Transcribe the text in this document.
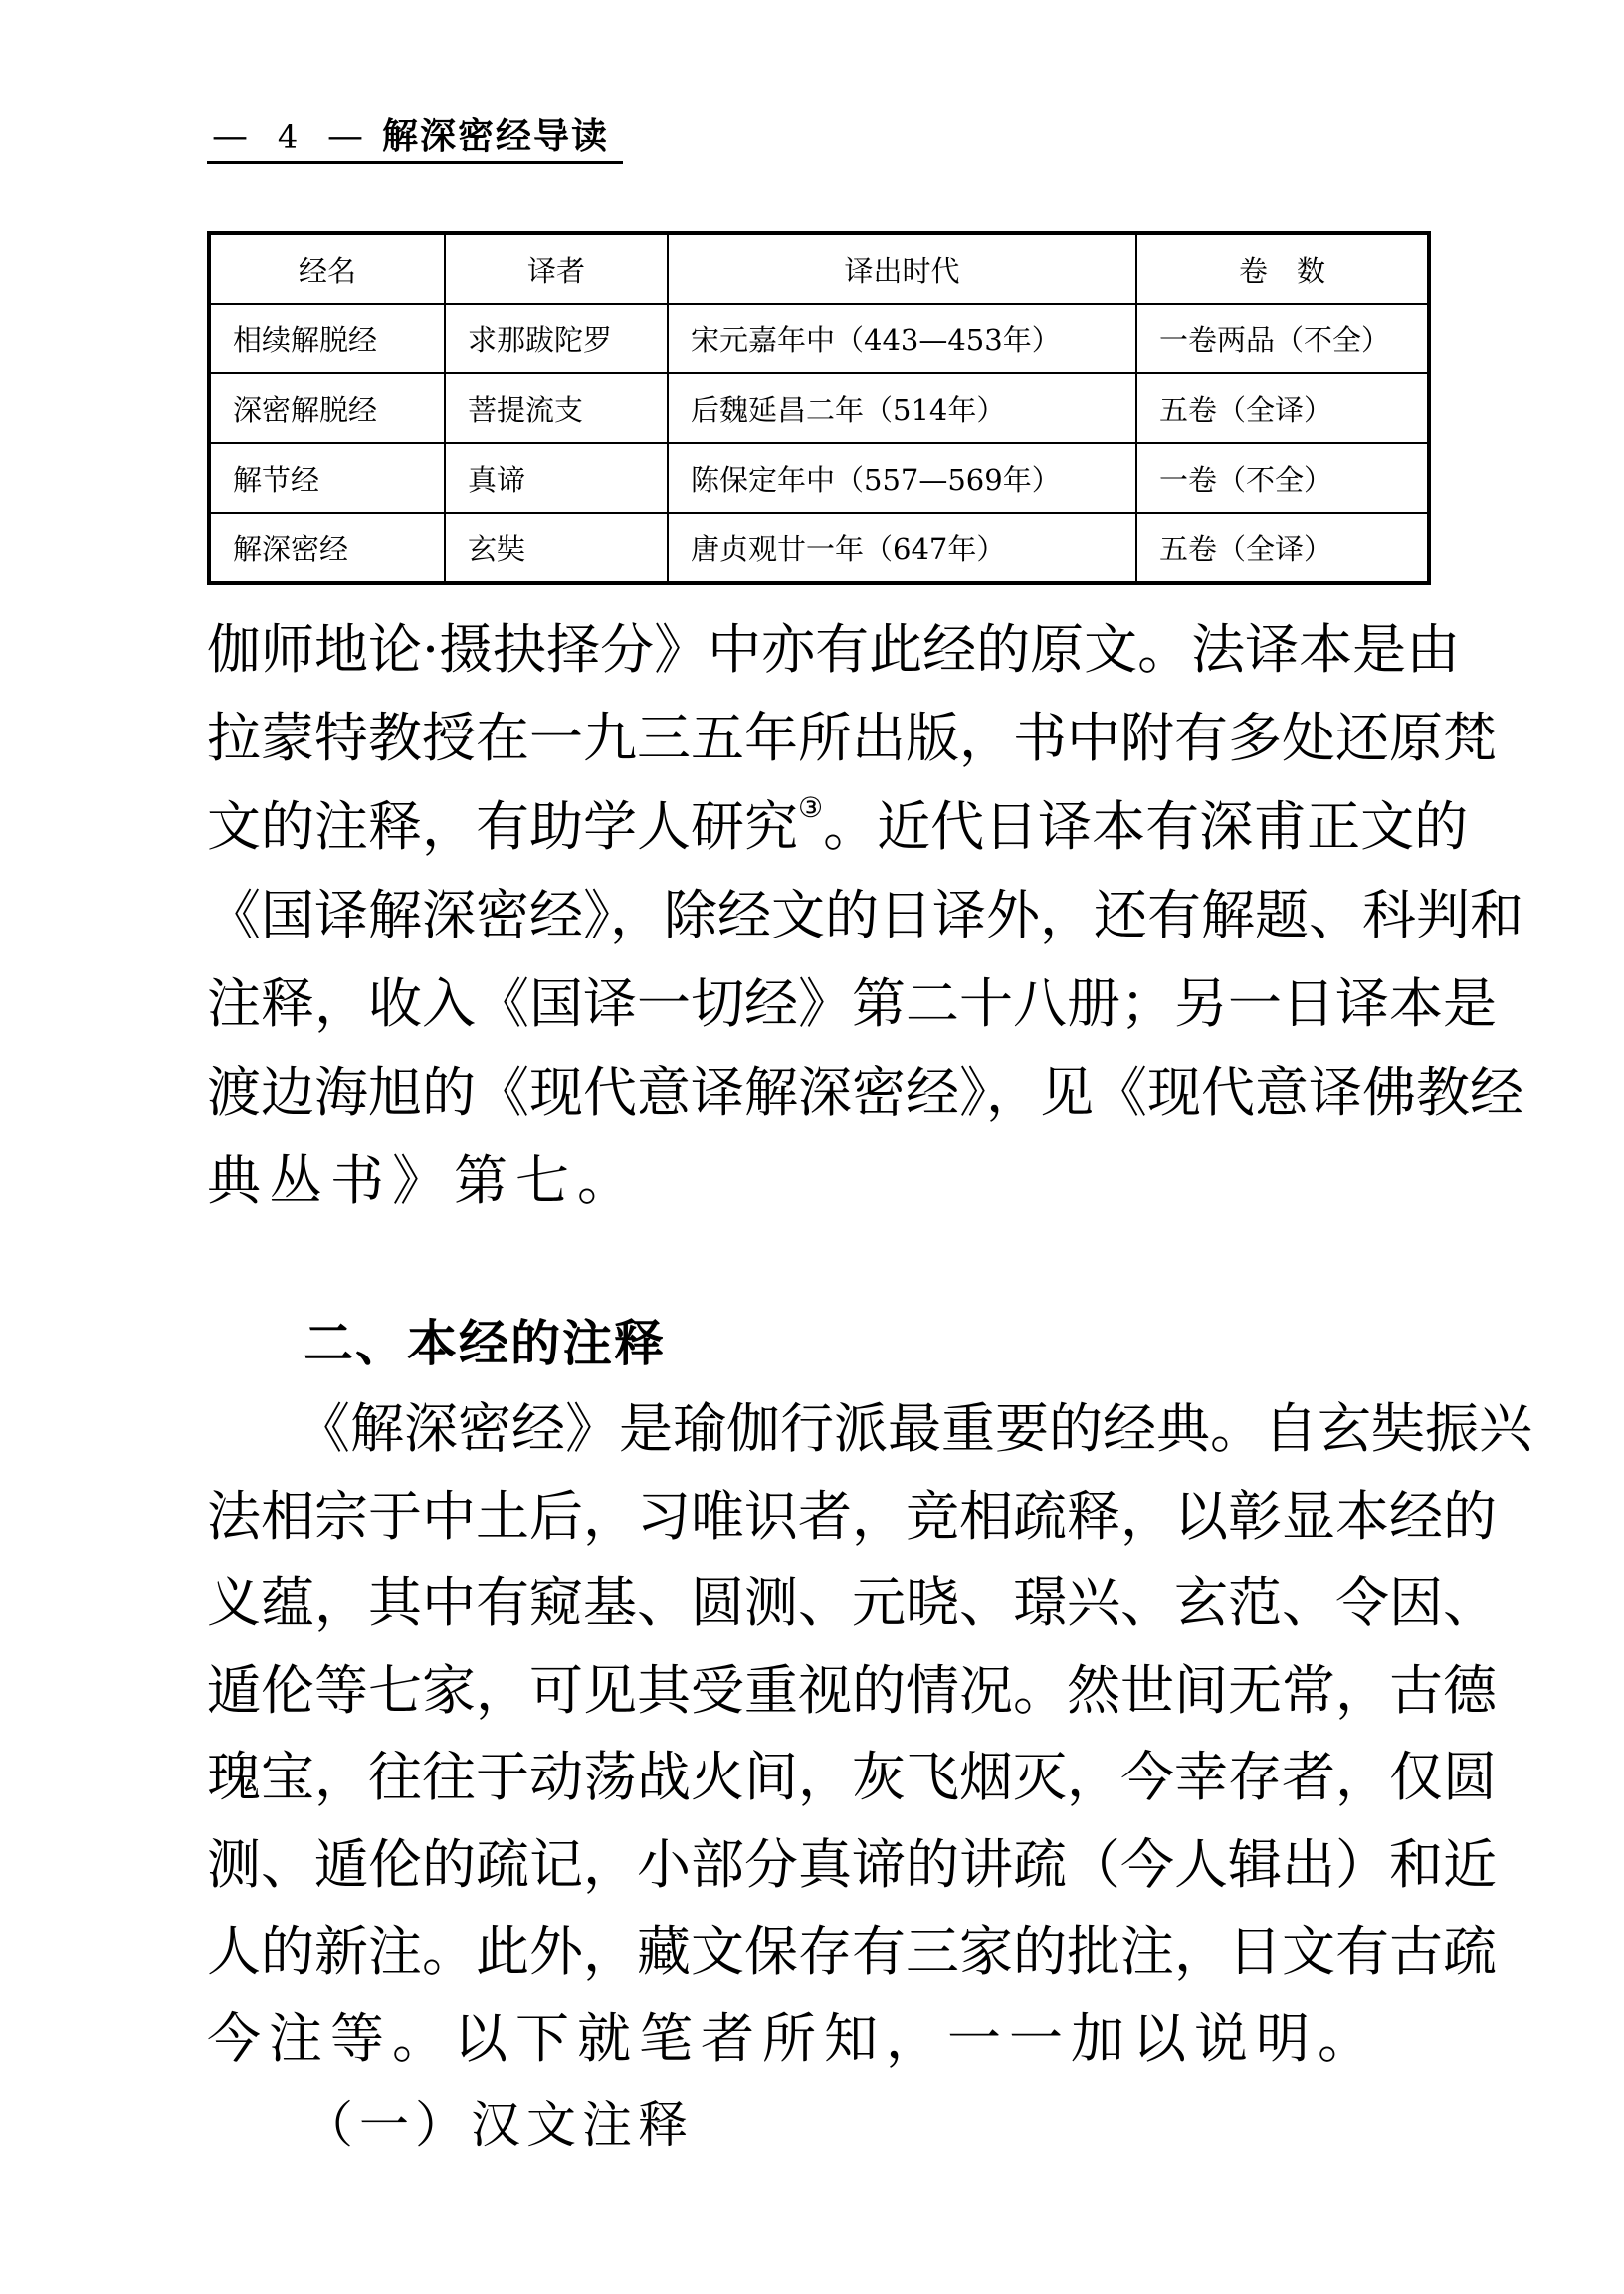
— 4 — 解深密经导读
经名	译者	译出时代	卷　数
相续解脱经	求那跋陀罗	宋元嘉年中（443—453年）	一卷两品（不全）
深密解脱经	菩提流支	后魏延昌二年（514年）	五卷（全译）
解节经	真谛	陈保定年中（557—569年）	一卷（不全）
解深密经	玄奘	唐贞观廿一年（647年）	五卷（全译）
伽师地论·摄抉择分》中亦有此经的原文。法译本是由
拉蒙特教授在一九三五年所出版，书中附有多处还原梵
文的注释，有助学人研究③。近代日译本有深甫正文的
《国译解深密经》，除经文的日译外，还有解题、科判和
注释，收入《国译一切经》第二十八册；另一日译本是
渡边海旭的《现代意译解深密经》，见《现代意译佛教经
典丛书》第七。
二、本经的注释
《解深密经》是瑜伽行派最重要的经典。自玄奘振兴
法相宗于中土后，习唯识者，竞相疏释，以彰显本经的
义蕴，其中有窥基、圆测、元晓、璟兴、玄范、令因、
遁伦等七家，可见其受重视的情况。然世间无常，古德
瑰宝，往往于动荡战火间，灰飞烟灭，今幸存者，仅圆
测、遁伦的疏记，小部分真谛的讲疏（今人辑出）和近
人的新注。此外，藏文保存有三家的批注，日文有古疏
今注等。以下就笔者所知，一一加以说明。
（一）汉文注释
